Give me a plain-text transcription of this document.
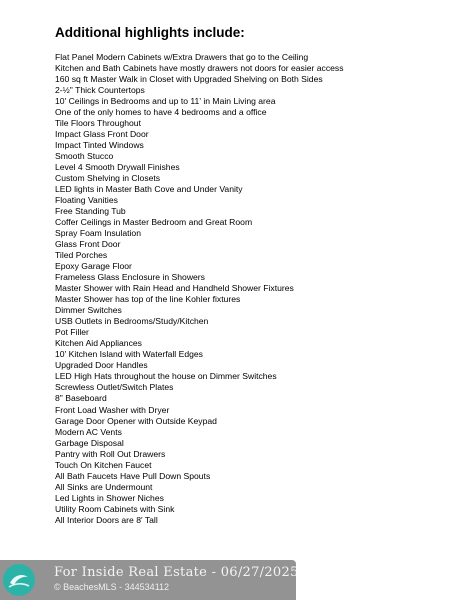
Additional highlights include:
Flat Panel Modern Cabinets w/Extra Drawers that go to the Ceiling
Kitchen and Bath Cabinets have mostly drawers not doors for easier access
160 sq ft Master Walk in Closet with Upgraded Shelving on Both Sides
2-½" Thick Countertops
10' Ceilings in Bedrooms and up to 11' in Main Living area
One of the only homes to have 4 bedrooms and a office
Tile Floors Throughout
Impact Glass Front Door
Impact Tinted Windows
Smooth Stucco
Level 4 Smooth Drywall Finishes
Custom Shelving in Closets
LED lights in Master Bath Cove and Under Vanity
Floating Vanities
Free Standing Tub
Coffer Ceilings in Master Bedroom and Great Room
Spray Foam Insulation
Glass Front Door
Tiled Porches
Epoxy Garage Floor
Frameless Glass Enclosure in Showers
Master Shower with Rain Head and Handheld Shower Fixtures
Master Shower has top of the line Kohler fixtures
Dimmer Switches
USB Outlets in Bedrooms/Study/Kitchen
Pot Filler
Kitchen Aid Appliances
10' Kitchen Island with Waterfall Edges
Upgraded Door Handles
LED High Hats throughout the house on Dimmer Switches
Screwless Outlet/Switch Plates
8" Baseboard
Front Load Washer with Dryer
Garage Door Opener with Outside Keypad
Modern AC Vents
Garbage Disposal
Pantry with Roll Out Drawers
Touch On Kitchen Faucet
All Bath Faucets Have Pull Down Spouts
All Sinks are Undermount
Led Lights in Shower Niches
Utility Room Cabinets with Sink
All Interior Doors are 8' Tall
For Inside Real Estate - 06/27/2025
© BeachesMLS - 344534112
